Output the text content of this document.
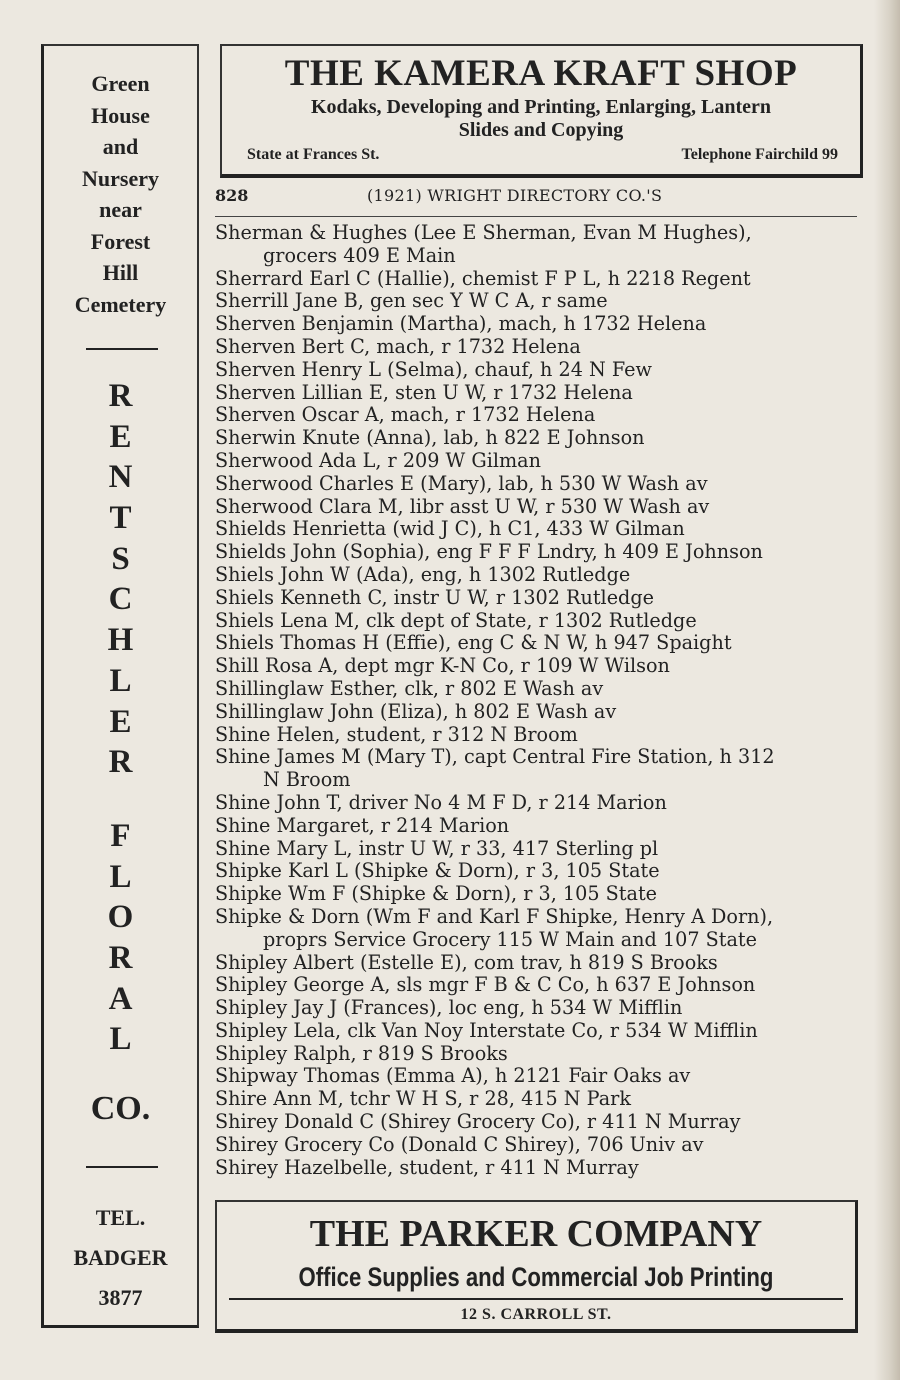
Green
House
and
Nursery
near
Forest
Hill
Cemetery
R
E
N
T
S
C
H
L
E
R
F
L
O
R
A
L
CO.
TEL.
BADGER
3877
THE KAMERA KRAFT SHOP
Kodaks, Developing and Printing, Enlarging, Lantern
Slides and Copying
State at Frances St.	Telephone Fairchild 99
828	(1921) WRIGHT DIRECTORY CO.'S
Sherman & Hughes (Lee E Sherman, Evan M Hughes),
grocers 409 E Main
Sherrard Earl C (Hallie), chemist F P L, h 2218 Regent
Sherrill Jane B, gen sec Y W C A, r same
Sherven Benjamin (Martha), mach, h 1732 Helena
Sherven Bert C, mach, r 1732 Helena
Sherven Henry L (Selma), chauf, h 24 N Few
Sherven Lillian E, sten U W, r 1732 Helena
Sherven Oscar A, mach, r 1732 Helena
Sherwin Knute (Anna), lab, h 822 E Johnson
Sherwood Ada L, r 209 W Gilman
Sherwood Charles E (Mary), lab, h 530 W Wash av
Sherwood Clara M, libr asst U W, r 530 W Wash av
Shields Henrietta (wid J C), h C1, 433 W Gilman
Shields John (Sophia), eng F F F Lndry, h 409 E Johnson
Shiels John W (Ada), eng, h 1302 Rutledge
Shiels Kenneth C, instr U W, r 1302 Rutledge
Shiels Lena M, clk dept of State, r 1302 Rutledge
Shiels Thomas H (Effie), eng C & N W, h 947 Spaight
Shill Rosa A, dept mgr K-N Co, r 109 W Wilson
Shillinglaw Esther, clk, r 802 E Wash av
Shillinglaw John (Eliza), h 802 E Wash av
Shine Helen, student, r 312 N Broom
Shine James M (Mary T), capt Central Fire Station, h 312
N Broom
Shine John T, driver No 4 M F D, r 214 Marion
Shine Margaret, r 214 Marion
Shine Mary L, instr U W, r 33, 417 Sterling pl
Shipke Karl L (Shipke & Dorn), r 3, 105 State
Shipke Wm F (Shipke & Dorn), r 3, 105 State
Shipke & Dorn (Wm F and Karl F Shipke, Henry A Dorn),
proprs Service Grocery 115 W Main and 107 State
Shipley Albert (Estelle E), com trav, h 819 S Brooks
Shipley George A, sls mgr F B & C Co, h 637 E Johnson
Shipley Jay J (Frances), loc eng, h 534 W Mifflin
Shipley Lela, clk Van Noy Interstate Co, r 534 W Mifflin
Shipley Ralph, r 819 S Brooks
Shipway Thomas (Emma A), h 2121 Fair Oaks av
Shire Ann M, tchr W H S, r 28, 415 N Park
Shirey Donald C (Shirey Grocery Co), r 411 N Murray
Shirey Grocery Co (Donald C Shirey), 706 Univ av
Shirey Hazelbelle, student, r 411 N Murray
THE PARKER COMPANY
Office Supplies and Commercial Job Printing
12 S. CARROLL ST.
